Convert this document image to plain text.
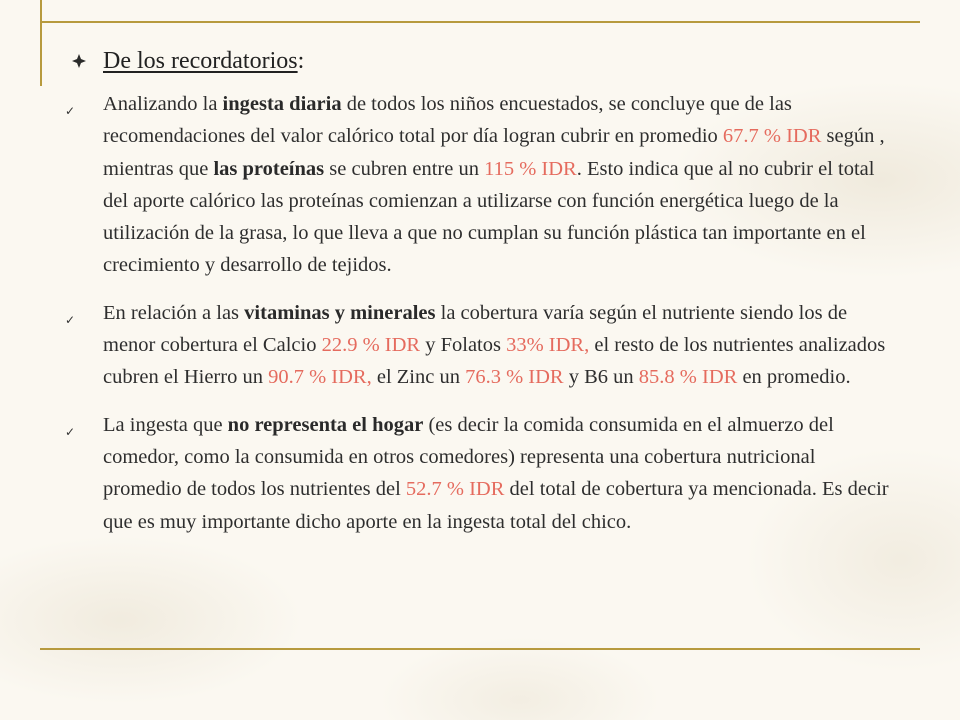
De los recordatorios:
✓ Analizando la ingesta diaria de todos los niños encuestados, se concluye que de las recomendaciones del valor calórico total por día logran cubrir en promedio 67.7 % IDR según , mientras que las proteínas se cubren entre un 115 % IDR. Esto indica que al no cubrir el total del aporte calórico las proteínas comienzan a utilizarse con función energética luego de la utilización de la grasa, lo que lleva a que no cumplan su función plástica tan importante en el crecimiento y desarrollo de tejidos.
✓ En relación a las vitaminas y minerales la cobertura varía según el nutriente siendo los de menor cobertura el Calcio 22.9 % IDR y Folatos 33% IDR, el resto de los nutrientes analizados cubren el Hierro un 90.7 % IDR, el Zinc un 76.3 % IDR y B6 un 85.8 % IDR en promedio.
✓ La ingesta que no representa el hogar (es decir la comida consumida en el almuerzo del comedor, como la consumida en otros comedores) representa una cobertura nutricional promedio de todos los nutrientes del 52.7 % IDR del total de cobertura ya mencionada. Es decir que es muy importante dicho aporte en la ingesta total del chico.
